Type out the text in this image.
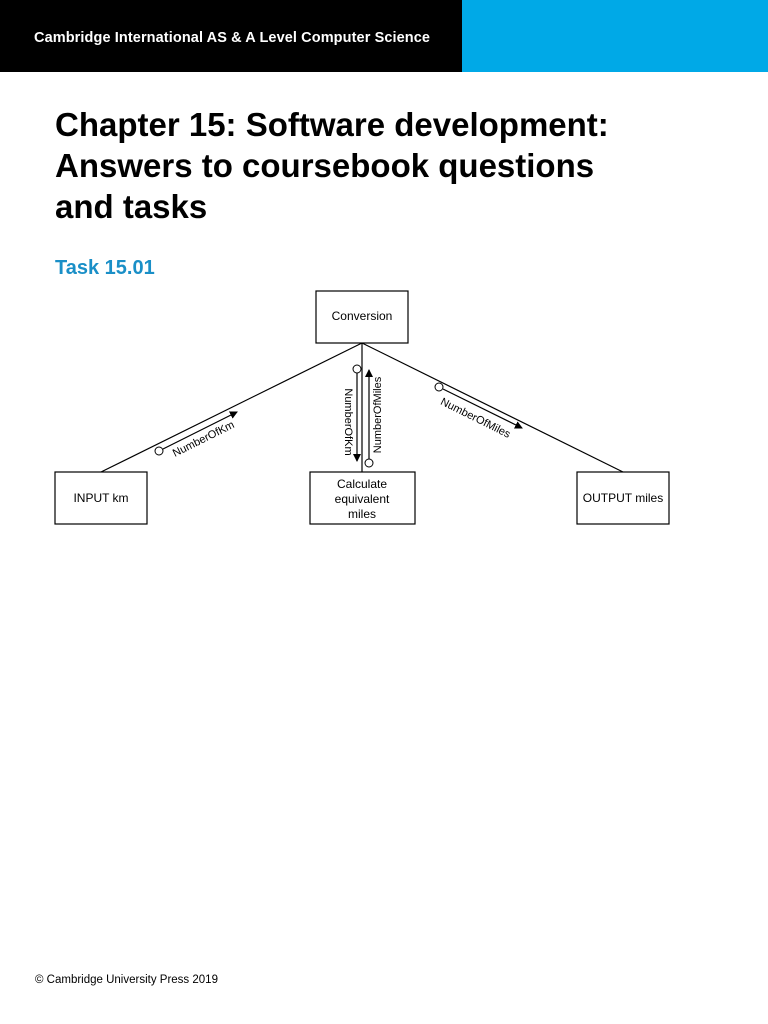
Cambridge International AS & A Level Computer Science
Chapter 15: Software development:
Answers to coursebook questions
and tasks
Task 15.01
Conversion
INPUT km
Calculate
equivalent
miles
OUTPUT miles
NumberOfKm	NumberOfKm NumberOfMiles	NumberOfMiles
© Cambridge University Press 2019
